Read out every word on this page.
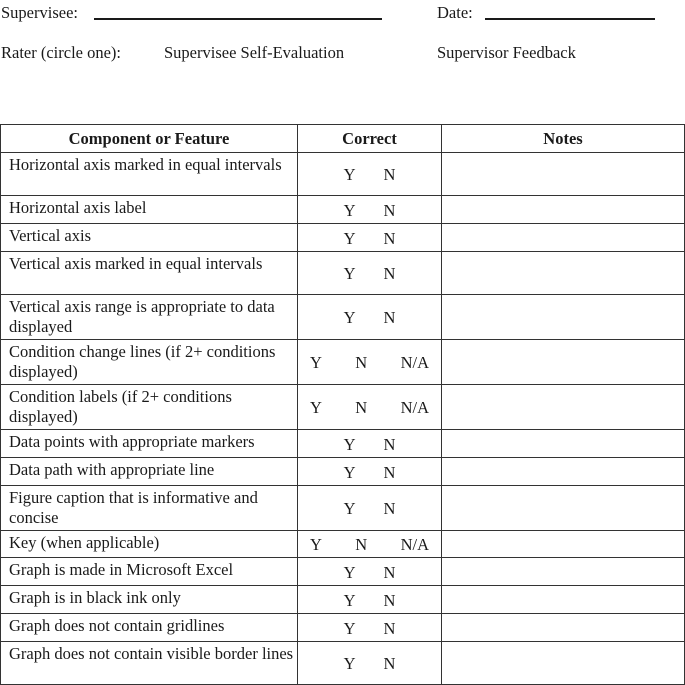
Supervisee:	Date:
Rater (circle one):	Supervisee Self-Evaluation	Supervisor Feedback
Component or Feature	Correct	Notes
Horizontal axis marked in equal intervals	Y N	

Horizontal axis label	Y N	

Vertical axis	Y N	

Vertical axis marked in equal intervals	Y N	

Vertical axis range is appropriate to data displayed	Y N	

Condition change lines (if 2+ conditions displayed)	Y N N/A	

Condition labels (if 2+ conditions displayed)	Y N N/A	

Data points with appropriate markers	Y N	

Data path with appropriate line	Y N	

Figure caption that is informative and concise	Y N	

Key (when applicable)	Y N N/A	

Graph is made in Microsoft Excel	Y N	

Graph is in black ink only	Y N	

Graph does not contain gridlines	Y N	

Graph does not contain visible border lines	Y N	
